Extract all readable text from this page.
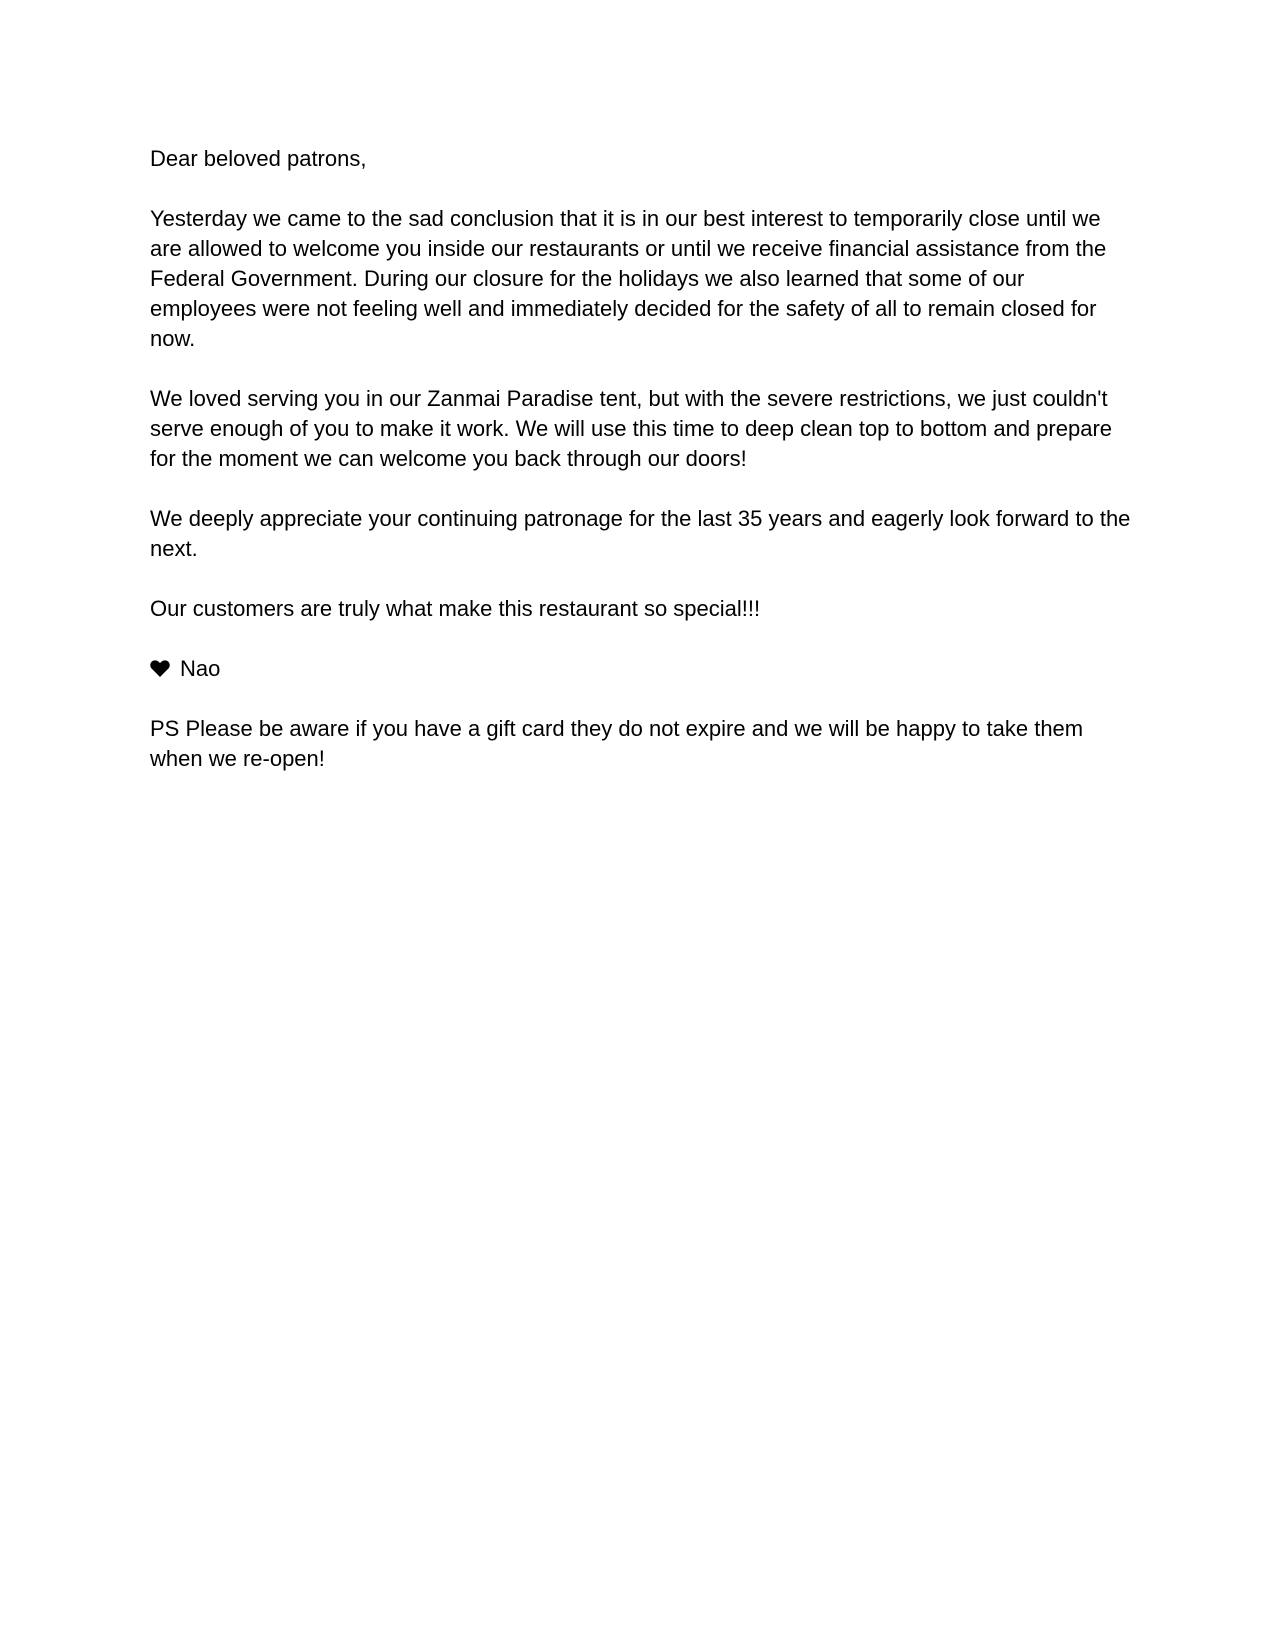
Dear beloved patrons,

Yesterday we came to the sad conclusion that it is in our best interest to temporarily close until we are allowed to welcome you inside our restaurants or until we receive financial assistance from the Federal Government. During our closure for the holidays we also learned that some of our employees were not feeling well and immediately decided for the safety of all to remain closed for now.

We loved serving you in our Zanmai Paradise tent, but with the severe restrictions, we just couldn't serve enough of you to make it work. We will use this time to deep clean top to bottom and prepare for the moment we can welcome you back through our doors!

We deeply appreciate your continuing patronage for the last 35 years and eagerly look forward to the next.

Our customers are truly what make this restaurant so special!!!

Nao

PS Please be aware if you have a gift card they do not expire and we will be happy to take them when we re-open!
